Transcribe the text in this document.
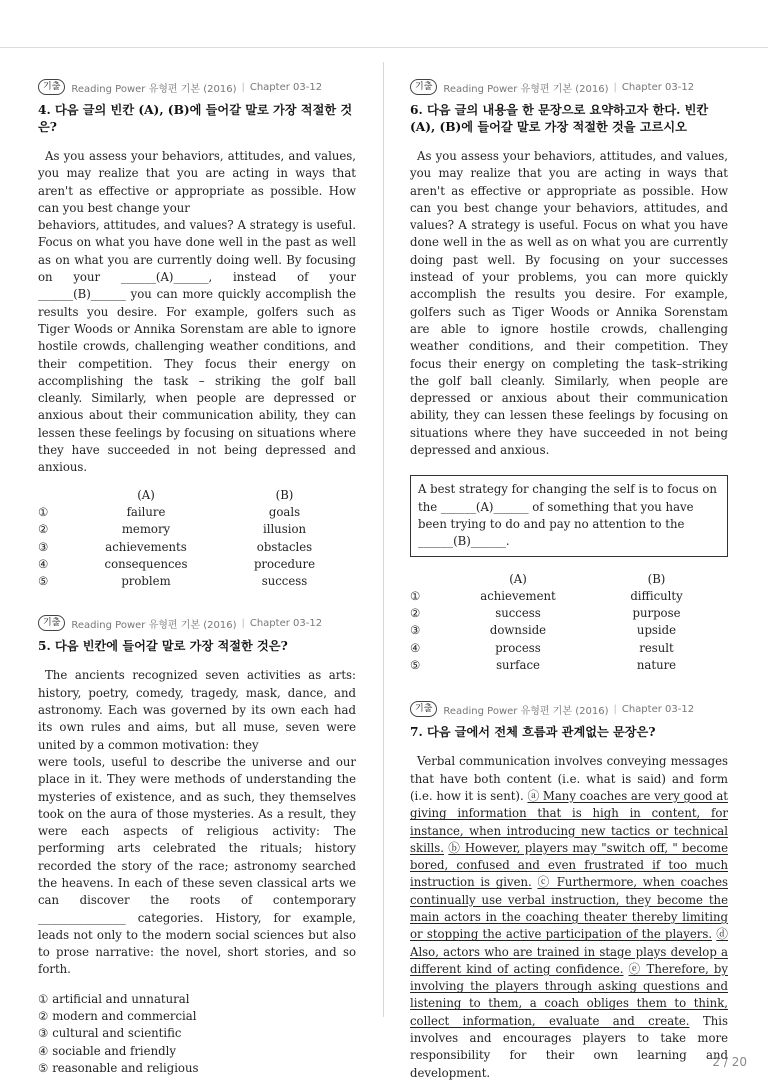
기출	Reading Power 유형편 기본 (2016) | Chapter 03-12
4. 다음 글의 빈칸 (A), (B)에 들어갈 말로 가장 적절한 것은?

As you assess your behaviors, attitudes, and values, you may realize that you are acting in ways that aren't as effective or appropriate as possible. How can you best change your

behaviors, attitudes, and values? A strategy is useful. Focus on what you have done well in the past as well as on what you are currently doing well. By focusing on your ______(A)______, instead of your ______(B)______ you can more quickly accomplish the results you desire. For example, golfers such as Tiger Woods or Annika Sorenstam are able to ignore hostile crowds, challenging weather conditions, and their competition. They focus their energy on accomplishing the task – striking the golf ball cleanly. Similarly, when people are depressed or anxious about their communication ability, they can lessen these feelings by focusing on situations where they have succeeded in not being depressed and anxious.

	(A)	(B)
①	failure	goals
②	memory	illusion
③	achievements	obstacles
④	consequences	procedure
⑤	problem	success
기출	Reading Power 유형편 기본 (2016) | Chapter 03-12
5. 다음 빈칸에 들어갈 말로 가장 적절한 것은?

The ancients recognized seven activities as arts: history, poetry, comedy, tragedy, mask, dance, and astronomy. Each was governed by its own each had its own rules and aims, but all muse, seven were united by a common motivation: they

were tools, useful to describe the universe and our place in it. They were methods of understanding the mysteries of existence, and as such, they themselves took on the aura of those mysteries. As a result, they were each aspects of religious activity: The performing arts celebrated the rituals; history recorded the story of the race; astronomy searched the heavens. In each of these seven classical arts we can discover the roots of contemporary _______________ categories. History, for example, leads not only to the modern social sciences but also to prose narrative: the novel, short stories, and so forth.

① artificial and unnatural
② modern and commercial
③ cultural and scientific
④ sociable and friendly
⑤ reasonable and religious
기출	Reading Power 유형편 기본 (2016) | Chapter 03-12
6. 다음 글의 내용을 한 문장으로 요약하고자 한다. 빈칸 (A), (B)에 들어갈 말로 가장 적절한 것을 고르시오

As you assess your behaviors, attitudes, and values, you may realize that you are acting in ways that aren't as effective or appropriate as possible. How can you best change your behaviors, attitudes, and values? A strategy is useful. Focus on what you have done well in the as well as on what you are currently doing past well. By focusing on your successes instead of your problems, you can more quickly accomplish the results you desire. For example, golfers such as Tiger Woods or Annika Sorenstam are able to ignore hostile crowds, challenging weather conditions, and their competition. They focus their energy on completing the task–striking the golf ball cleanly. Similarly, when people are depressed or anxious about their communication ability, they can lessen these feelings by focusing on situations where they have succeeded in not being depressed and anxious.

A best strategy for changing the self is to focus on the ______(A)______ of something that you have been trying to do and pay no attention to the ______(B)______.
	(A)	(B)
①	achievement	difficulty
②	success	purpose
③	downside	upside
④	process	result
⑤	surface	nature
기출	Reading Power 유형편 기본 (2016) | Chapter 03-12
7. 다음 글에서 전체 흐름과 관계없는 문장은?
Verbal communication involves conveying messages that have both content (i.e. what is said) and form (i.e. how it is sent). ⓐ Many coaches are very good at giving information that is high in content, for instance, when introducing new tactics or technical skills. ⓑ However, players may "switch off, " become bored, confused and even frustrated if too much instruction is given. ⓒ Furthermore, when coaches continually use verbal instruction, they become the main actors in the coaching theater thereby limiting or stopping the active participation of the players. ⓓ Also, actors who are trained in stage plays develop a different kind of acting confidence. ⓔ Therefore, by involving the players through asking questions and listening to them, a coach obliges them to think, collect information, evaluate and create. This involves and encourages players to take more responsibility for their own learning and development.
2 / 20
